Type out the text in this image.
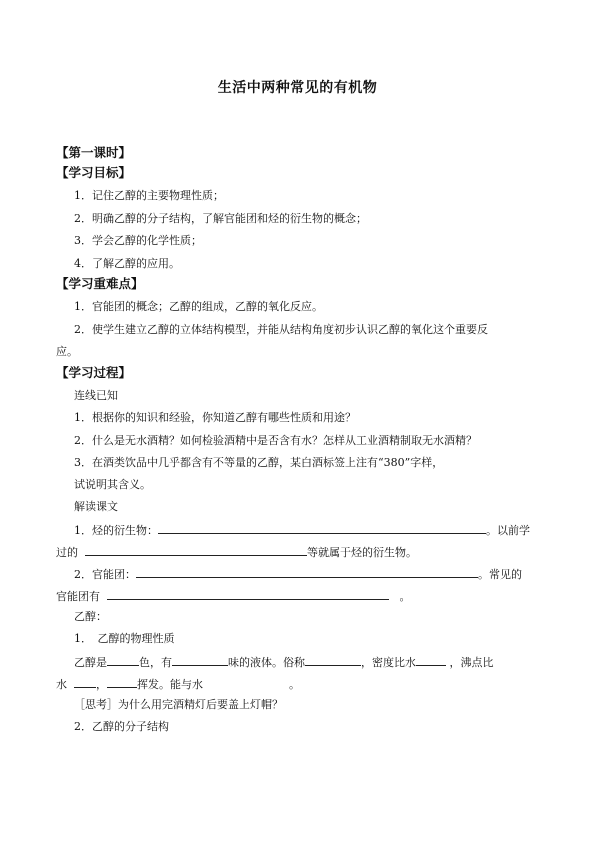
生活中两种常见的有机物
【第一课时】
【学习目标】
1．记住乙醇的主要物理性质；
2．明确乙醇的分子结构，了解官能团和烃的衍生物的概念；
3．学会乙醇的化学性质；
4．了解乙醇的应用。
【学习重难点】
1．官能团的概念；乙醇的组成，乙醇的氧化反应。
2．使学生建立乙醇的立体结构模型，并能从结构角度初步认识乙醇的氧化这个重要反
应。
【学习过程】
连线已知
1．根据你的知识和经验，你知道乙醇有哪些性质和用途？
2．什么是无水酒精？如何检验酒精中是否含有水？怎样从工业酒精制取无水酒精？
3．在酒类饮品中几乎都含有不等量的乙醇，某白酒标签上注有“380”字样，
试说明其含义。
解读课文
1．烃的衍生物：	。以前学
过的	等就属于烃的衍生物。
2．官能团：	。常见的
官能团有	。
乙醇：
1．　乙醇的物理性质
乙醇是	色，有	味的液体。俗称	，密度比水	，沸点比
水	，	挥发。能与水	。
［思考］为什么用完酒精灯后要盖上灯帽？
2．乙醇的分子结构
